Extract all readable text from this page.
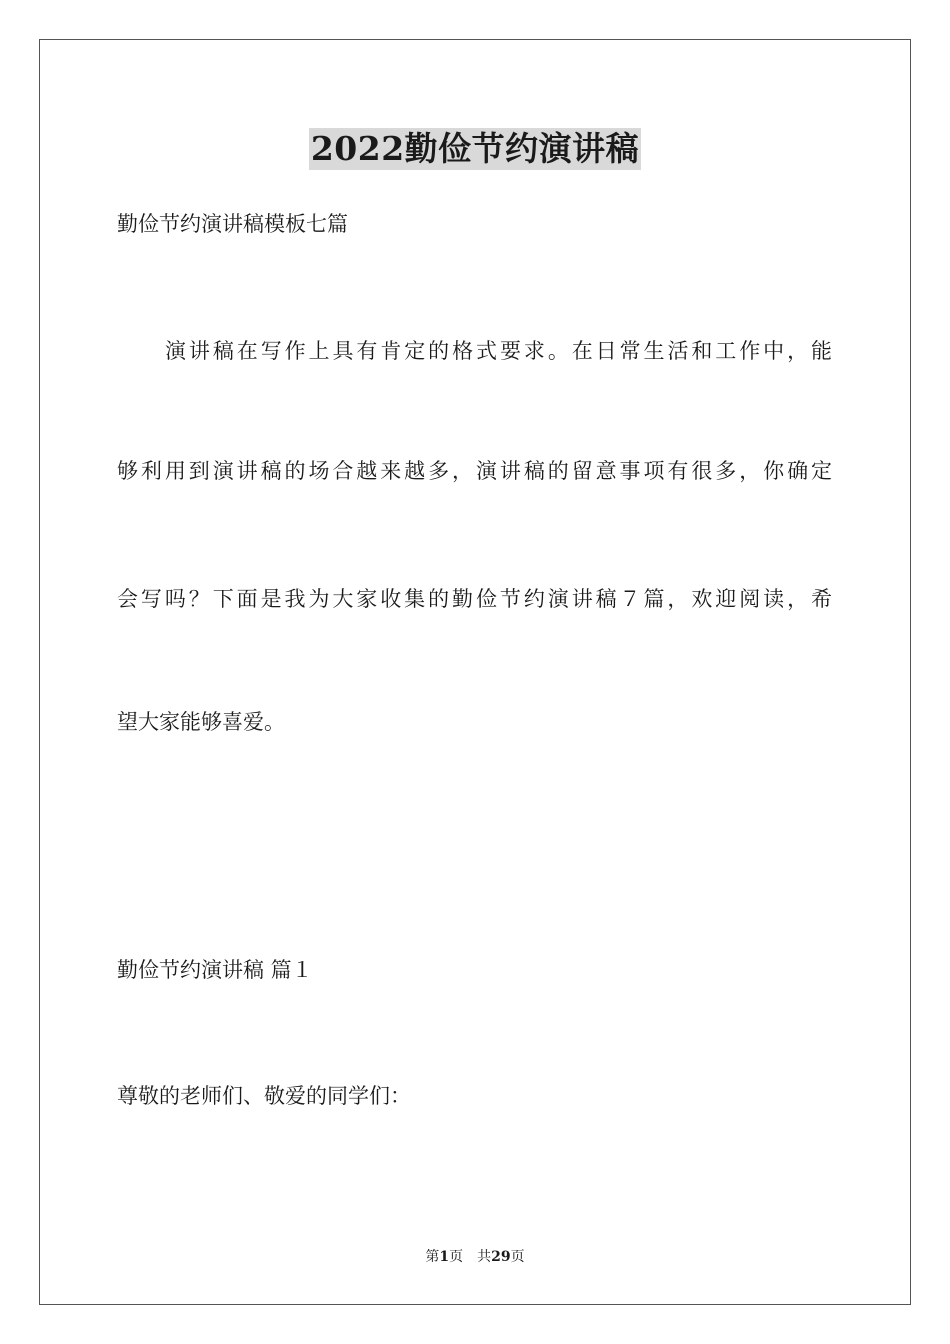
2022勤俭节约演讲稿
勤俭节约演讲稿模板七篇
演讲稿在写作上具有肯定的格式要求。在日常生活和工作中，能
够利用到演讲稿的场合越来越多，演讲稿的留意事项有很多，你确定
会写吗？下面是我为大家收集的勤俭节约演讲稿７篇，欢迎阅读，希
望大家能够喜爱。
勤俭节约演讲稿 篇１
尊敬的老师们、敬爱的同学们：
第1页 共29页
